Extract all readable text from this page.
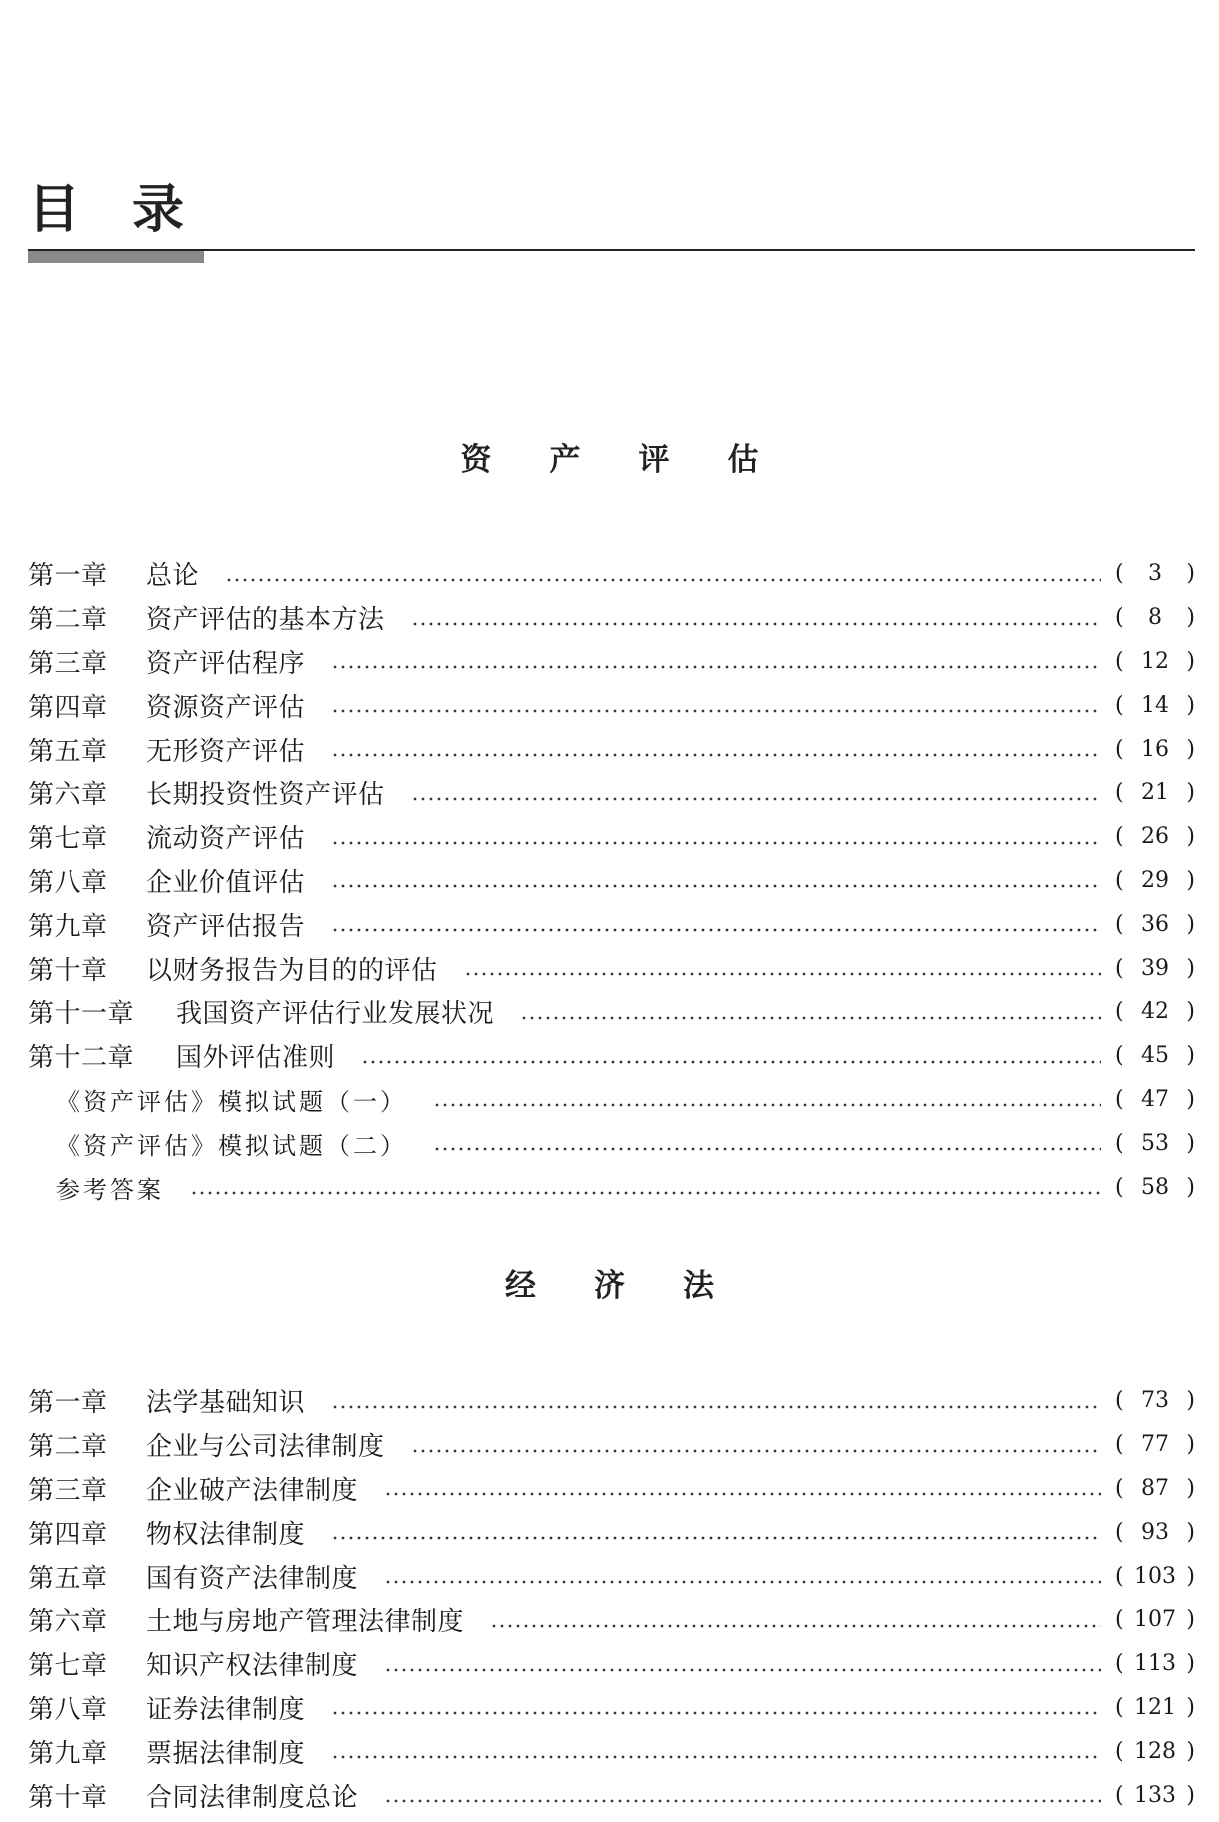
目录
资产评估
第一章	总论	(	3	)
第二章	资产评估的基本方法	(	8	)
第三章	资产评估程序	( 12 )
第四章	资源资产评估	( 14 )
第五章	无形资产评估	( 16 )
第六章	长期投资性资产评估	( 21 )
第七章	流动资产评估	( 26 )
第八章	企业价值评估	( 29 )
第九章	资产评估报告	( 36 )
第十章	以财务报告为目的的评估	( 39 )
第十一章	我国资产评估行业发展状况	( 42 )
第十二章	国外评估准则	( 45 )
《资产评估》模拟试题（一）	( 47 )
《资产评估》模拟试题（二）	( 53 )
参考答案	( 58 )
经济法
第一章	法学基础知识	( 73 )
第二章	企业与公司法律制度	( 77 )
第三章	企业破产法律制度	( 87 )
第四章	物权法律制度	( 93 )
第五章	国有资产法律制度	( 103 )
第六章	土地与房地产管理法律制度	( 107 )
第七章	知识产权法律制度	( 113 )
第八章	证券法律制度	( 121 )
第九章	票据法律制度	( 128 )
第十章	合同法律制度总论	( 133 )
